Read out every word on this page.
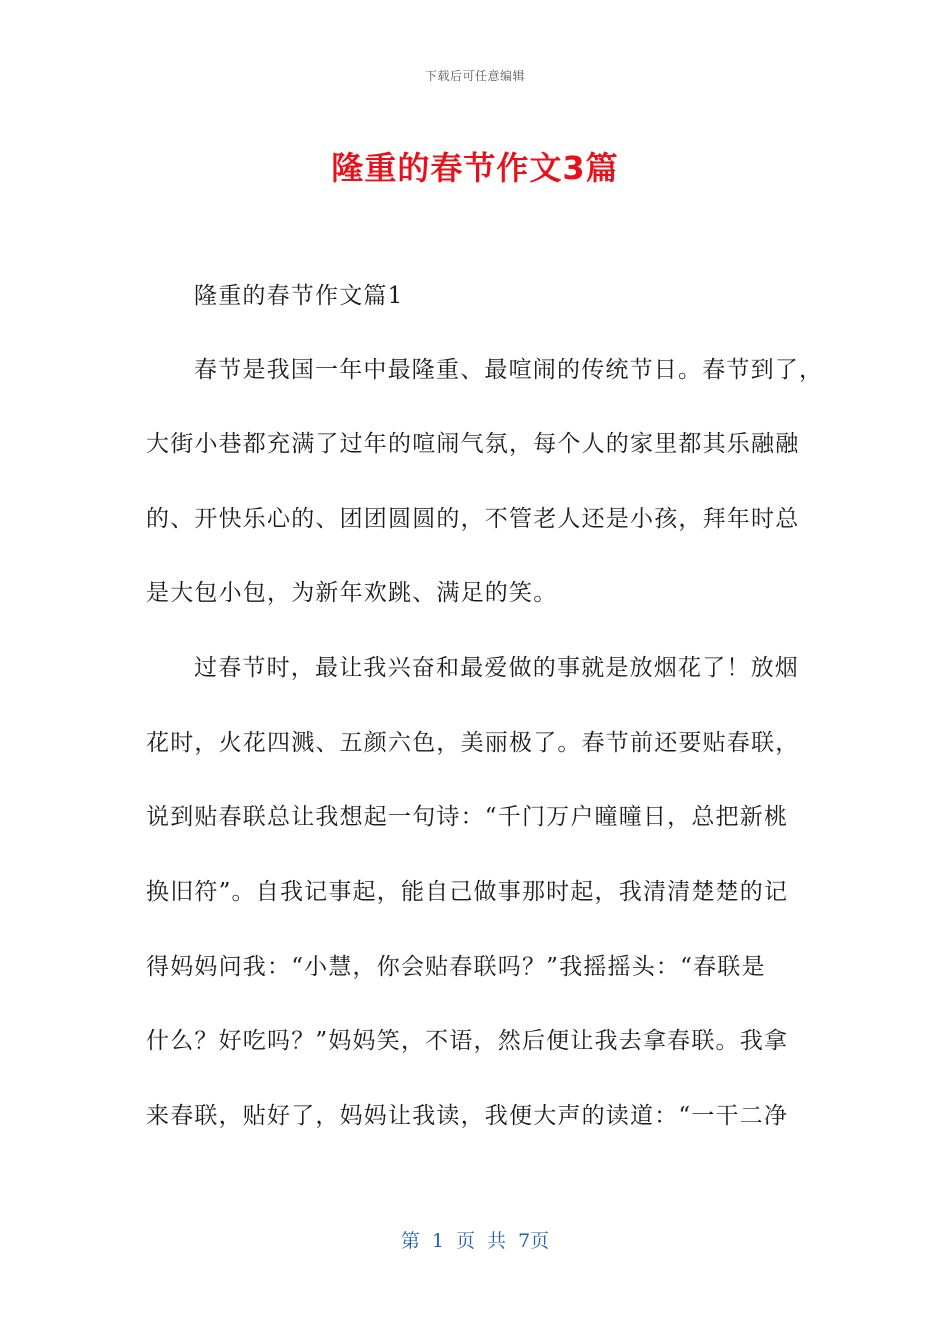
下载后可任意编辑
隆重的春节作文3篇
隆重的春节作文篇1
春节是我国一年中最隆重、最喧闹的传统节日。春节到了，
大街小巷都充满了过年的喧闹气氛，每个人的家里都其乐融融
的、开快乐心的、团团圆圆的，不管老人还是小孩，拜年时总
是大包小包，为新年欢跳、满足的笑。
过春节时，最让我兴奋和最爱做的事就是放烟花了！放烟
花时，火花四溅、五颜六色，美丽极了。春节前还要贴春联，
说到贴春联总让我想起一句诗：“千门万户曈曈日，总把新桃
换旧符”。自我记事起，能自己做事那时起，我清清楚楚的记
得妈妈问我：“小慧，你会贴春联吗？”我摇摇头：“春联是
什么？好吃吗？”妈妈笑，不语，然后便让我去拿春联。我拿
来春联，贴好了，妈妈让我读，我便大声的读道：“一干二净
第 1 页 共 7页
